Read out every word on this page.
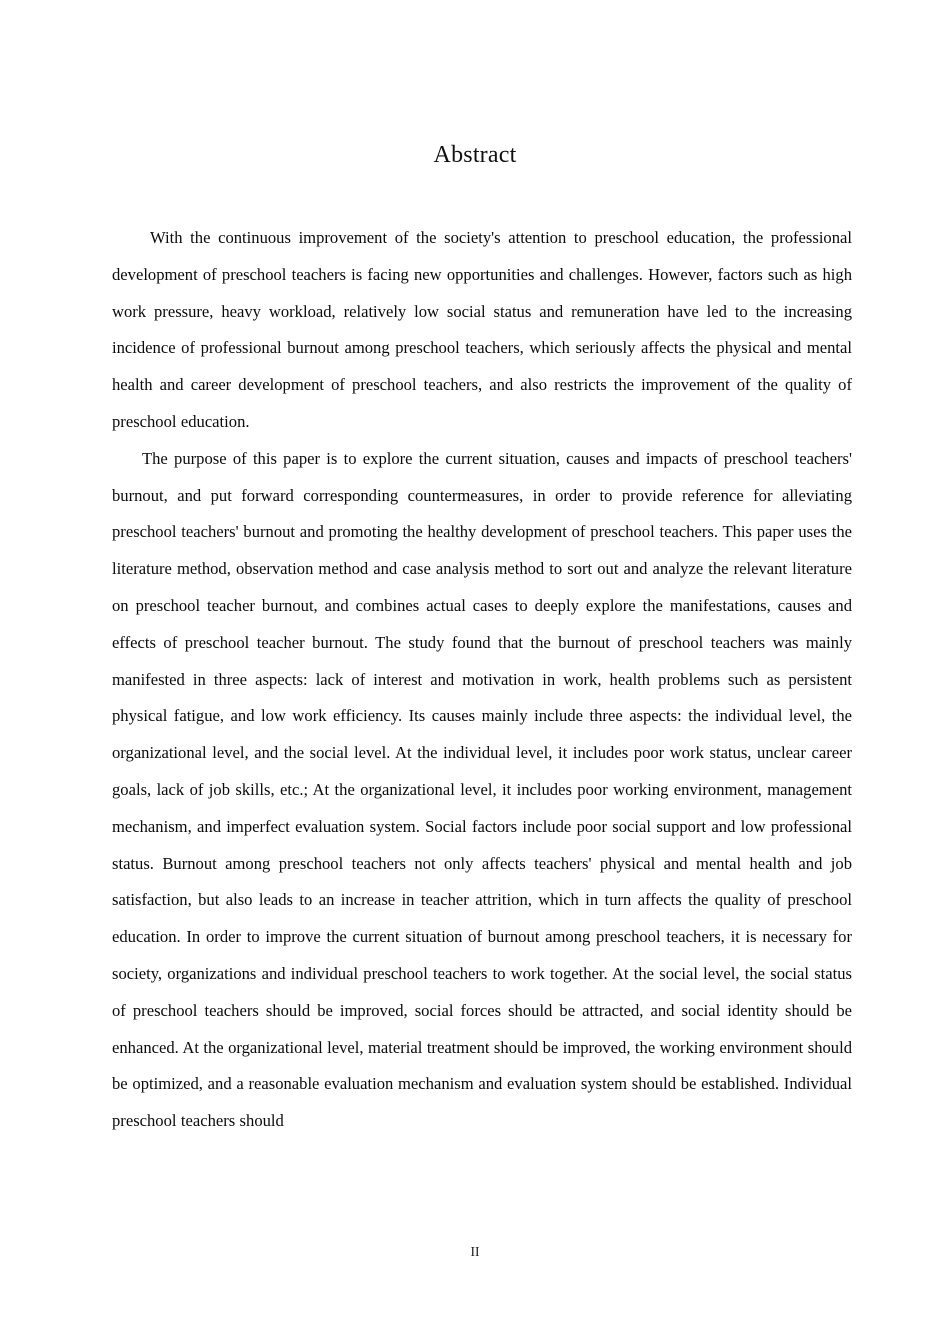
Abstract

With the continuous improvement of the society's attention to preschool education, the professional development of preschool teachers is facing new opportunities and challenges. However, factors such as high work pressure, heavy workload, relatively low social status and remuneration have led to the increasing incidence of professional burnout among preschool teachers, which seriously affects the physical and mental health and career development of preschool teachers, and also restricts the improvement of the quality of preschool education.

The purpose of this paper is to explore the current situation, causes and impacts of preschool teachers' burnout, and put forward corresponding countermeasures, in order to provide reference for alleviating preschool teachers' burnout and promoting the healthy development of preschool teachers. This paper uses the literature method, observation method and case analysis method to sort out and analyze the relevant literature on preschool teacher burnout, and combines actual cases to deeply explore the manifestations, causes and effects of preschool teacher burnout. The study found that the burnout of preschool teachers was mainly manifested in three aspects: lack of interest and motivation in work, health problems such as persistent physical fatigue, and low work efficiency. Its causes mainly include three aspects: the individual level, the organizational level, and the social level. At the individual level, it includes poor work status, unclear career goals, lack of job skills, etc.; At the organizational level, it includes poor working environment, management mechanism, and imperfect evaluation system. Social factors include poor social support and low professional status. Burnout among preschool teachers not only affects teachers' physical and mental health and job satisfaction, but also leads to an increase in teacher attrition, which in turn affects the quality of preschool education. In order to improve the current situation of burnout among preschool teachers, it is necessary for society, organizations and individual preschool teachers to work together. At the social level, the social status of preschool teachers should be improved, social forces should be attracted, and social identity should be enhanced. At the organizational level, material treatment should be improved, the working environment should be optimized, and a reasonable evaluation mechanism and evaluation system should be established. Individual preschool teachers should

II
